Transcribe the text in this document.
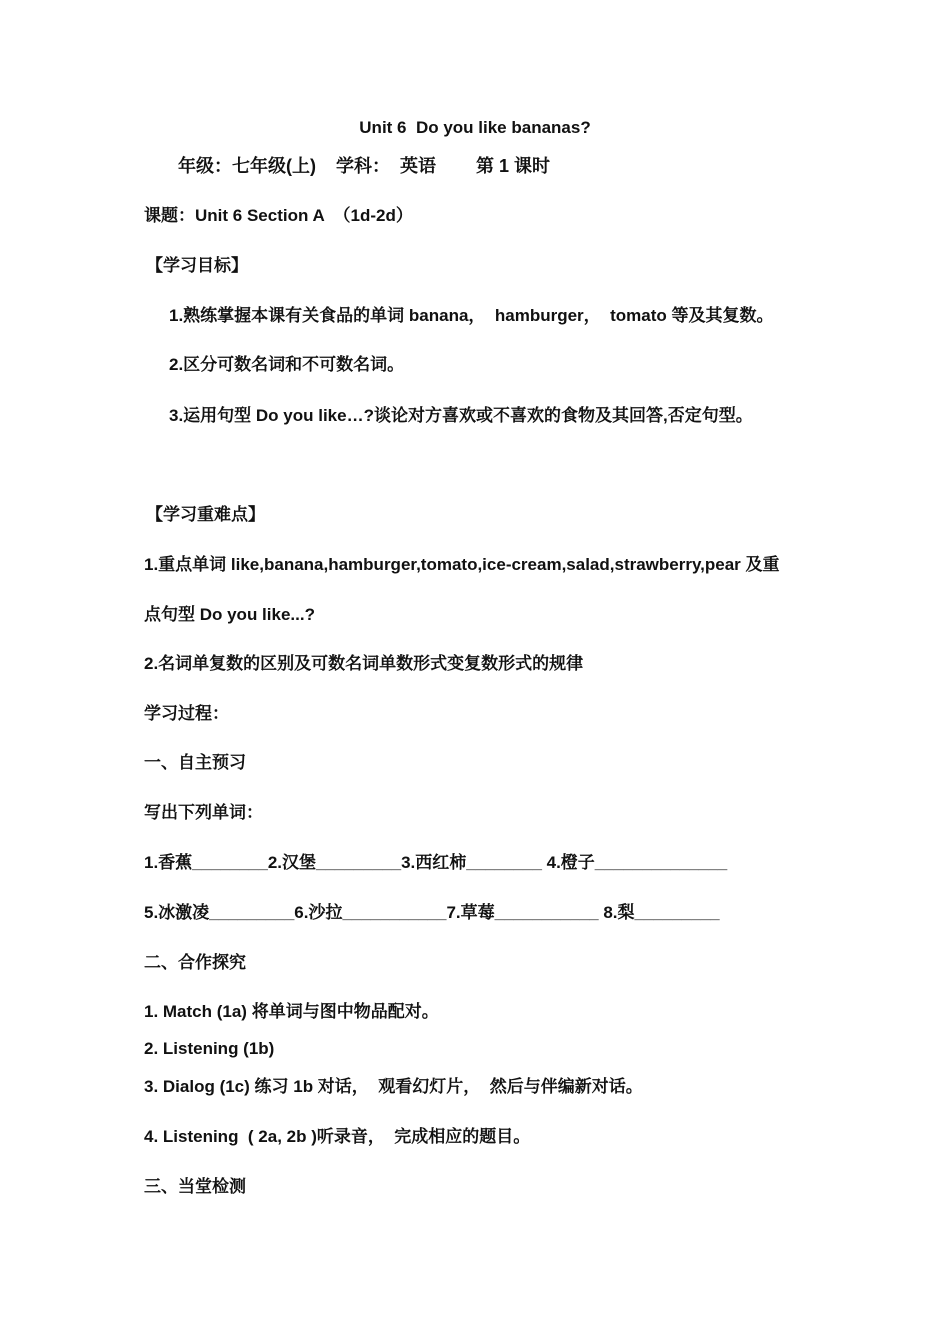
Unit 6  Do you like bananas?
年级：七年级(上)    学科：  英语        第 1 课时
课题：Unit 6 Section A  （1d-2d）
【学习目标】
1.熟练掌握本课有关食品的单词 banana，  hamburger，  tomato 等及其复数。
2.区分可数名词和不可数名词。
3.运用句型 Do you like…?谈论对方喜欢或不喜欢的食物及其回答,否定句型。
【学习重难点】
1.重点单词 like,banana,hamburger,tomato,ice-cream,salad,strawberry,pear 及重
点句型 Do you like...?
2.名词单复数的区别及可数名词单数形式变复数形式的规律
学习过程：
一、自主预习
写出下列单词：
1.香蕉________2.汉堡_________3.西红柿________ 4.橙子______________
5.冰激凌_________6.沙拉___________7.草莓___________ 8.梨_________
二、合作探究
1. Match (1a) 将单词与图中物品配对。
2. Listening (1b)
3. Dialog (1c) 练习 1b 对话，  观看幻灯片，  然后与伴编新对话。
4. Listening  ( 2a, 2b )听录音，  完成相应的题目。
三、当堂检测
